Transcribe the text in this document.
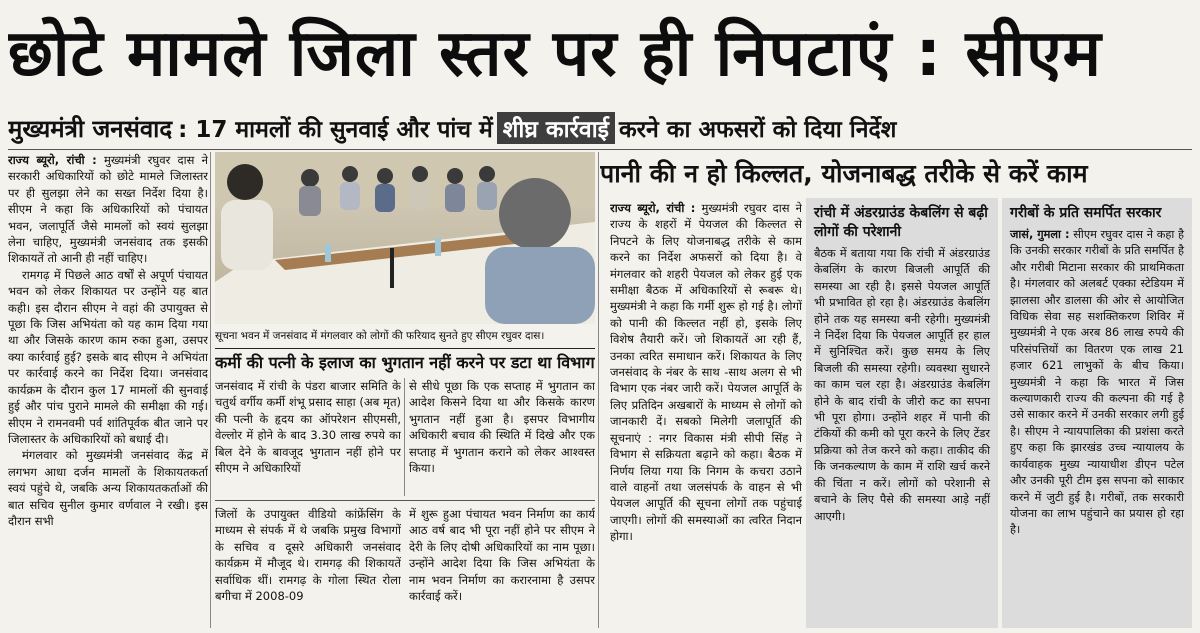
छोटे मामले जिला स्तर पर ही निपटाएं : सीएम
मुख्यमंत्री जनसंवाद : 17 मामलों की सुनवाई और पांच में शीघ्र कार्रवाई करने का अफसरों को दिया निर्देश

राज्य ब्यूरो, रांची : मुख्यमंत्री रघुवर दास ने सरकारी अधिकारियों को छोटे मामले जिलास्तर पर ही सुलझा लेने का सख्त निर्देश दिया है। सीएम ने कहा कि अधिकारियों को पंचायत भवन, जलापूर्ति जैसे मामलों को स्वयं सुलझा लेना चाहिए, मुख्यमंत्री जनसंवाद तक इसकी शिकायतें तो आनी ही नहीं चाहिए।

रामगढ़ में पिछले आठ वर्षों से अपूर्ण पंचायत भवन को लेकर शिकायत पर उन्होंने यह बात कही। इस दौरान सीएम ने वहां की उपायुक्त से पूछा कि जिस अभियंता को यह काम दिया गया था और जिसके कारण काम रुका हुआ, उसपर क्या कार्रवाई हुई? इसके बाद सीएम ने अभियंता पर कार्रवाई करने का निर्देश दिया। जनसंवाद कार्यक्रम के दौरान कुल 17 मामलों की सुनवाई हुई और पांच पुराने मामले की समीक्षा की गई। सीएम ने रामनवमी पर्व शांतिपूर्वक बीत जाने पर जिलास्तर के अधिकारियों को बधाई दी।

मंगलवार को मुख्यमंत्री जनसंवाद केंद्र में लगभग आधा दर्जन मामलों के शिकायतकर्ता स्वयं पहुंचे थे, जबकि अन्य शिकायतकर्ताओं की बात सचिव सुनील कुमार वर्णवाल ने रखी। इस दौरान सभी

सूचना भवन में जनसंवाद में मंगलवार को लोगों की फरियाद सुनते हुए सीएम रघुवर दास।
कर्मी की पत्नी के इलाज का भुगतान नहीं करने पर डटा था विभाग

जनसंवाद में रांची के पंडरा बाजार समिति के चतुर्थ वर्गीय कर्मी शंभू प्रसाद साहा (अब मृत) की पत्नी के हृदय का ऑपरेशन सीएमसी, वेल्लोर में होने के बाद 3.30 लाख रुपये का बिल देने के बावजूद भुगतान नहीं होने पर सीएम ने अधिकारियों

से सीधे पूछा कि एक सप्ताह में भुगतान का आदेश किसने दिया था और किसके कारण भुगतान नहीं हुआ है। इसपर विभागीय अधिकारी बचाव की स्थिति में दिखे और एक सप्ताह में भुगतान कराने को लेकर आश्वस्त किया।

जिलों के उपायुक्त वीडियो कांफ्रेंसिंग के माध्यम से संपर्क में थे जबकि प्रमुख विभागों के सचिव व दूसरे अधिकारी जनसंवाद कार्यक्रम में मौजूद थे। रामगढ़ की शिकायतें सर्वाधिक थीं। रामगढ़ के गोला स्थित रोला बगीचा में 2008-09

में शुरू हुआ पंचायत भवन निर्माण का कार्य आठ वर्ष बाद भी पूरा नहीं होने पर सीएम ने देरी के लिए दोषी अधिकारियों का नाम पूछा। उन्होंने आदेश दिया कि जिस अभियंता के नाम भवन निर्माण का करारनामा है उसपर कार्रवाई करें।

पानी की न हो किल्लत, योजनाबद्ध तरीके से करें काम

राज्य ब्यूरो, रांची : मुख्यमंत्री रघुवर दास ने राज्य के शहरों में पेयजल की किल्लत से निपटने के लिए योजनाबद्ध तरीके से काम करने का निर्देश अफसरों को दिया है। वे मंगलवार को शहरी पेयजल को लेकर हुई एक समीक्षा बैठक में अधिकारियों से रूबरू थे। मुख्यमंत्री ने कहा कि गर्मी शुरू हो गई है। लोगों को पानी की किल्लत नहीं हो, इसके लिए विशेष तैयारी करें। जो शिकायतें आ रही हैं, उनका त्वरित समाधान करें। शिकायत के लिए जनसंवाद के नंबर के साथ -साथ अलग से भी विभाग एक नंबर जारी करें। पेयजल आपूर्ति के लिए प्रतिदिन अखबारों के माध्यम से लोगों को जानकारी दें। सबको मिलेगी जलापूर्ति की सूचनाएं : नगर विकास मंत्री सीपी सिंह ने विभाग से सक्रियता बढ़ाने को कहा। बैठक में निर्णय लिया गया कि निगम के कचरा उठाने वाले वाहनों तथा जलसंपर्क के वाहन से भी पेयजल आपूर्ति की सूचना लोगों तक पहुंचाई जाएगी। लोगों की समस्याओं का त्वरित निदान होगा।

रांची में अंडरग्राउंड केबलिंग से बढ़ी लोगों की परेशानी

बैठक में बताया गया कि रांची में अंडरग्राउंड केबलिंग के कारण बिजली आपूर्ति की समस्या आ रही है। इससे पेयजल आपूर्ति भी प्रभावित हो रहा है। अंडरग्राउंड केबलिंग होने तक यह समस्या बनी रहेगी। मुख्यमंत्री ने निर्देश दिया कि पेयजल आपूर्ति हर हाल में सुनिश्चित करें। कुछ समय के लिए बिजली की समस्या रहेगी। व्यवस्था सुधारने का काम चल रहा है। अंडरग्राउंड केबलिंग होने के बाद रांची के जीरो कट का सपना भी पूरा होगा। उन्होंने शहर में पानी की टंकियों की कमी को पूरा करने के लिए टेंडर प्रक्रिया को तेज करने को कहा। ताकीद की कि जनकल्याण के काम में राशि खर्च करने की चिंता न करें। लोगों को परेशानी से बचाने के लिए पैसे की समस्या आड़े नहीं आएगी।

गरीबों के प्रति समर्पित सरकार

जासं, गुमला : सीएम रघुवर दास ने कहा है कि उनकी सरकार गरीबों के प्रति समर्पित है और गरीबी मिटाना सरकार की प्राथमिकता है। मंगलवार को अलबर्ट एक्का स्टेडियम में झालसा और डालसा की ओर से आयोजित विधिक सेवा सह सशक्तिकरण शिविर में मुख्यमंत्री ने एक अरब 86 लाख रुपये की परिसंपत्तियों का वितरण एक लाख 21 हजार 621 लाभुकों के बीच किया। मुख्यमंत्री ने कहा कि भारत में जिस कल्याणकारी राज्य की कल्पना की गई है उसे साकार करने में उनकी सरकार लगी हुई है। सीएम ने न्यायपालिका की प्रशंसा करते हुए कहा कि झारखंड उच्च न्यायालय के कार्यवाहक मुख्य न्यायाधीश डीएन पटेल और उनकी पूरी टीम इस सपना को साकार करने में जुटी हुई है। गरीबों, तक सरकारी योजना का लाभ पहुंचाने का प्रयास हो रहा है।
